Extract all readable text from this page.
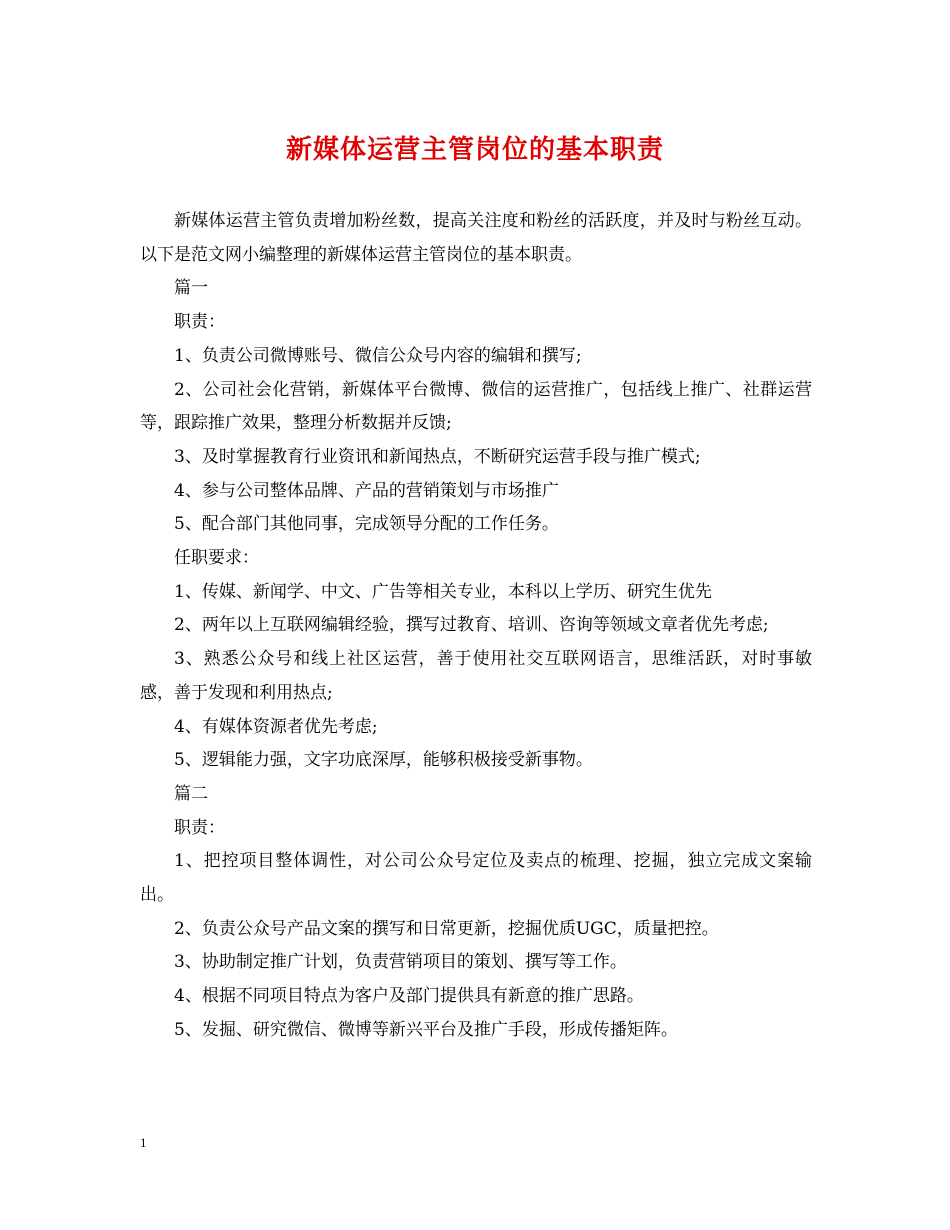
新媒体运营主管岗位的基本职责

新媒体运营主管负责增加粉丝数，提高关注度和粉丝的活跃度，并及时与粉丝互动。以下是范文网小编整理的新媒体运营主管岗位的基本职责。

篇一

职责：

1、负责公司微博账号、微信公众号内容的编辑和撰写;

2、公司社会化营销，新媒体平台微博、微信的运营推广，包括线上推广、社群运营等，跟踪推广效果，整理分析数据并反馈;

3、及时掌握教育行业资讯和新闻热点，不断研究运营手段与推广模式;

4、参与公司整体品牌、产品的营销策划与市场推广

5、配合部门其他同事，完成领导分配的工作任务。

任职要求：

1、传媒、新闻学、中文、广告等相关专业，本科以上学历、研究生优先

2、两年以上互联网编辑经验，撰写过教育、培训、咨询等领域文章者优先考虑;

3、熟悉公众号和线上社区运营，善于使用社交互联网语言，思维活跃，对时事敏感，善于发现和利用热点;

4、有媒体资源者优先考虑;

5、逻辑能力强，文字功底深厚，能够积极接受新事物。

篇二

职责：

1、把控项目整体调性，对公司公众号定位及卖点的梳理、挖掘，独立完成文案输出。

2、负责公众号产品文案的撰写和日常更新，挖掘优质UGC，质量把控。

3、协助制定推广计划，负责营销项目的策划、撰写等工作。

4、根据不同项目特点为客户及部门提供具有新意的推广思路。

5、发掘、研究微信、微博等新兴平台及推广手段，形成传播矩阵。

1
